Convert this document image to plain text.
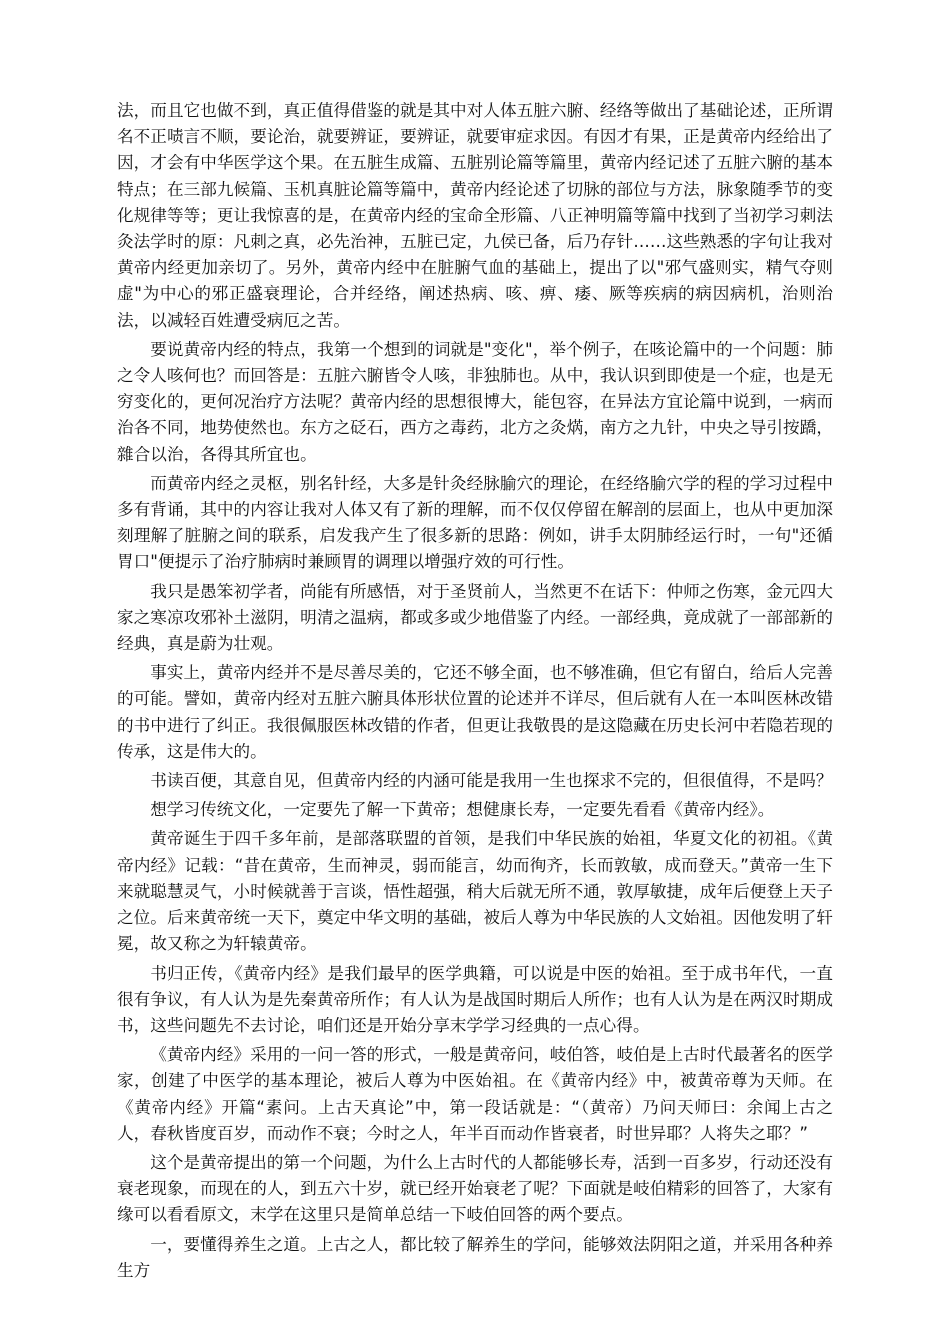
法，而且它也做不到，真正值得借鉴的就是其中对人体五脏六腑、经络等做出了基础论述，正所谓名不正啧言不顺，要论治，就要辨证，要辨证，就要审症求因。有因才有果，正是黄帝内经给出了因，才会有中华医学这个果。在五脏生成篇、五脏别论篇等篇里，黄帝内经记述了五脏六腑的基本特点；在三部九候篇、玉机真脏论篇等篇中，黄帝内经论述了切脉的部位与方法，脉象随季节的变化规律等等；更让我惊喜的是，在黄帝内经的宝命全形篇、八正神明篇等篇中找到了当初学习刺法灸法学时的原：凡刺之真，必先治神，五脏已定，九侯已备，后乃存针……这些熟悉的字句让我对黄帝内经更加亲切了。另外，黄帝内经中在脏腑气血的基础上，提出了以"邪气盛则实，精气夺则虚"为中心的邪正盛衰理论，合并经络，阐述热病、咳、痹、痿、厥等疾病的病因病机，治则治法，以减轻百姓遭受病厄之苦。

要说黄帝内经的特点，我第一个想到的词就是"变化"，举个例子，在咳论篇中的一个问题：肺之令人咳何也？而回答是：五脏六腑皆令人咳，非独肺也。从中，我认识到即使是一个症，也是无穷变化的，更何况治疗方法呢？黄帝内经的思想很博大，能包容，在异法方宜论篇中说到，一病而治各不同，地势使然也。东方之砭石，西方之毒药，北方之灸焫，南方之九针，中央之导引按蹻，雜合以治，各得其所宜也。

而黄帝内经之灵枢，别名针经，大多是针灸经脉腧穴的理论，在经络腧穴学的程的学习过程中多有背诵，其中的内容让我对人体又有了新的理解，而不仅仅停留在解剖的层面上，也从中更加深刻理解了脏腑之间的联系，启发我产生了很多新的思路：例如，讲手太阴肺经运行时，一句"还循胃口"便提示了治疗肺病时兼顾胃的调理以增强疗效的可行性。

我只是愚笨初学者，尚能有所感悟，对于圣贤前人，当然更不在话下：仲师之伤寒，金元四大家之寒凉攻邪补土滋阴，明清之温病，都或多或少地借鉴了内经。一部经典，竟成就了一部部新的经典，真是蔚为壮观。

事实上，黄帝内经并不是尽善尽美的，它还不够全面，也不够准确，但它有留白，给后人完善的可能。譬如，黄帝内经对五脏六腑具体形状位置的论述并不详尽，但后就有人在一本叫医林改错的书中进行了纠正。我很佩服医林改错的作者，但更让我敬畏的是这隐藏在历史长河中若隐若现的传承，这是伟大的。

书读百便，其意自见，但黄帝内经的内涵可能是我用一生也探求不完的，但很值得，不是吗？

想学习传统文化，一定要先了解一下黄帝；想健康长寿，一定要先看看《黄帝内经》。

黄帝诞生于四千多年前，是部落联盟的首领，是我们中华民族的始祖，华夏文化的初祖。《黄帝内经》记载：“昔在黄帝，生而神灵，弱而能言，幼而徇齐，长而敦敏，成而登天。”黄帝一生下来就聪慧灵气，小时候就善于言谈，悟性超强，稍大后就无所不通，敦厚敏捷，成年后便登上天子之位。后来黄帝统一天下，奠定中华文明的基础，被后人尊为中华民族的人文始祖。因他发明了轩冕，故又称之为轩辕黄帝。

书归正传，《黄帝内经》是我们最早的医学典籍，可以说是中医的始祖。至于成书年代，一直很有争议，有人认为是先秦黄帝所作；有人认为是战国时期后人所作；也有人认为是在两汉时期成书，这些问题先不去讨论，咱们还是开始分享末学学习经典的一点心得。

《黄帝内经》采用的一问一答的形式，一般是黄帝问，岐伯答，岐伯是上古时代最著名的医学家，创建了中医学的基本理论，被后人尊为中医始祖。在《黄帝内经》中，被黄帝尊为天师。在《黄帝内经》开篇“素问。上古天真论”中，第一段话就是：“（黄帝）乃问天师曰：余闻上古之人，春秋皆度百岁，而动作不衰；今时之人，年半百而动作皆衰者，时世异耶？人将失之耶？”

这个是黄帝提出的第一个问题，为什么上古时代的人都能够长寿，活到一百多岁，行动还没有衰老现象，而现在的人，到五六十岁，就已经开始衰老了呢？下面就是岐伯精彩的回答了，大家有缘可以看看原文，末学在这里只是简单总结一下岐伯回答的两个要点。

一，要懂得养生之道。上古之人，都比较了解养生的学问，能够效法阴阳之道，并采用各种养生方
